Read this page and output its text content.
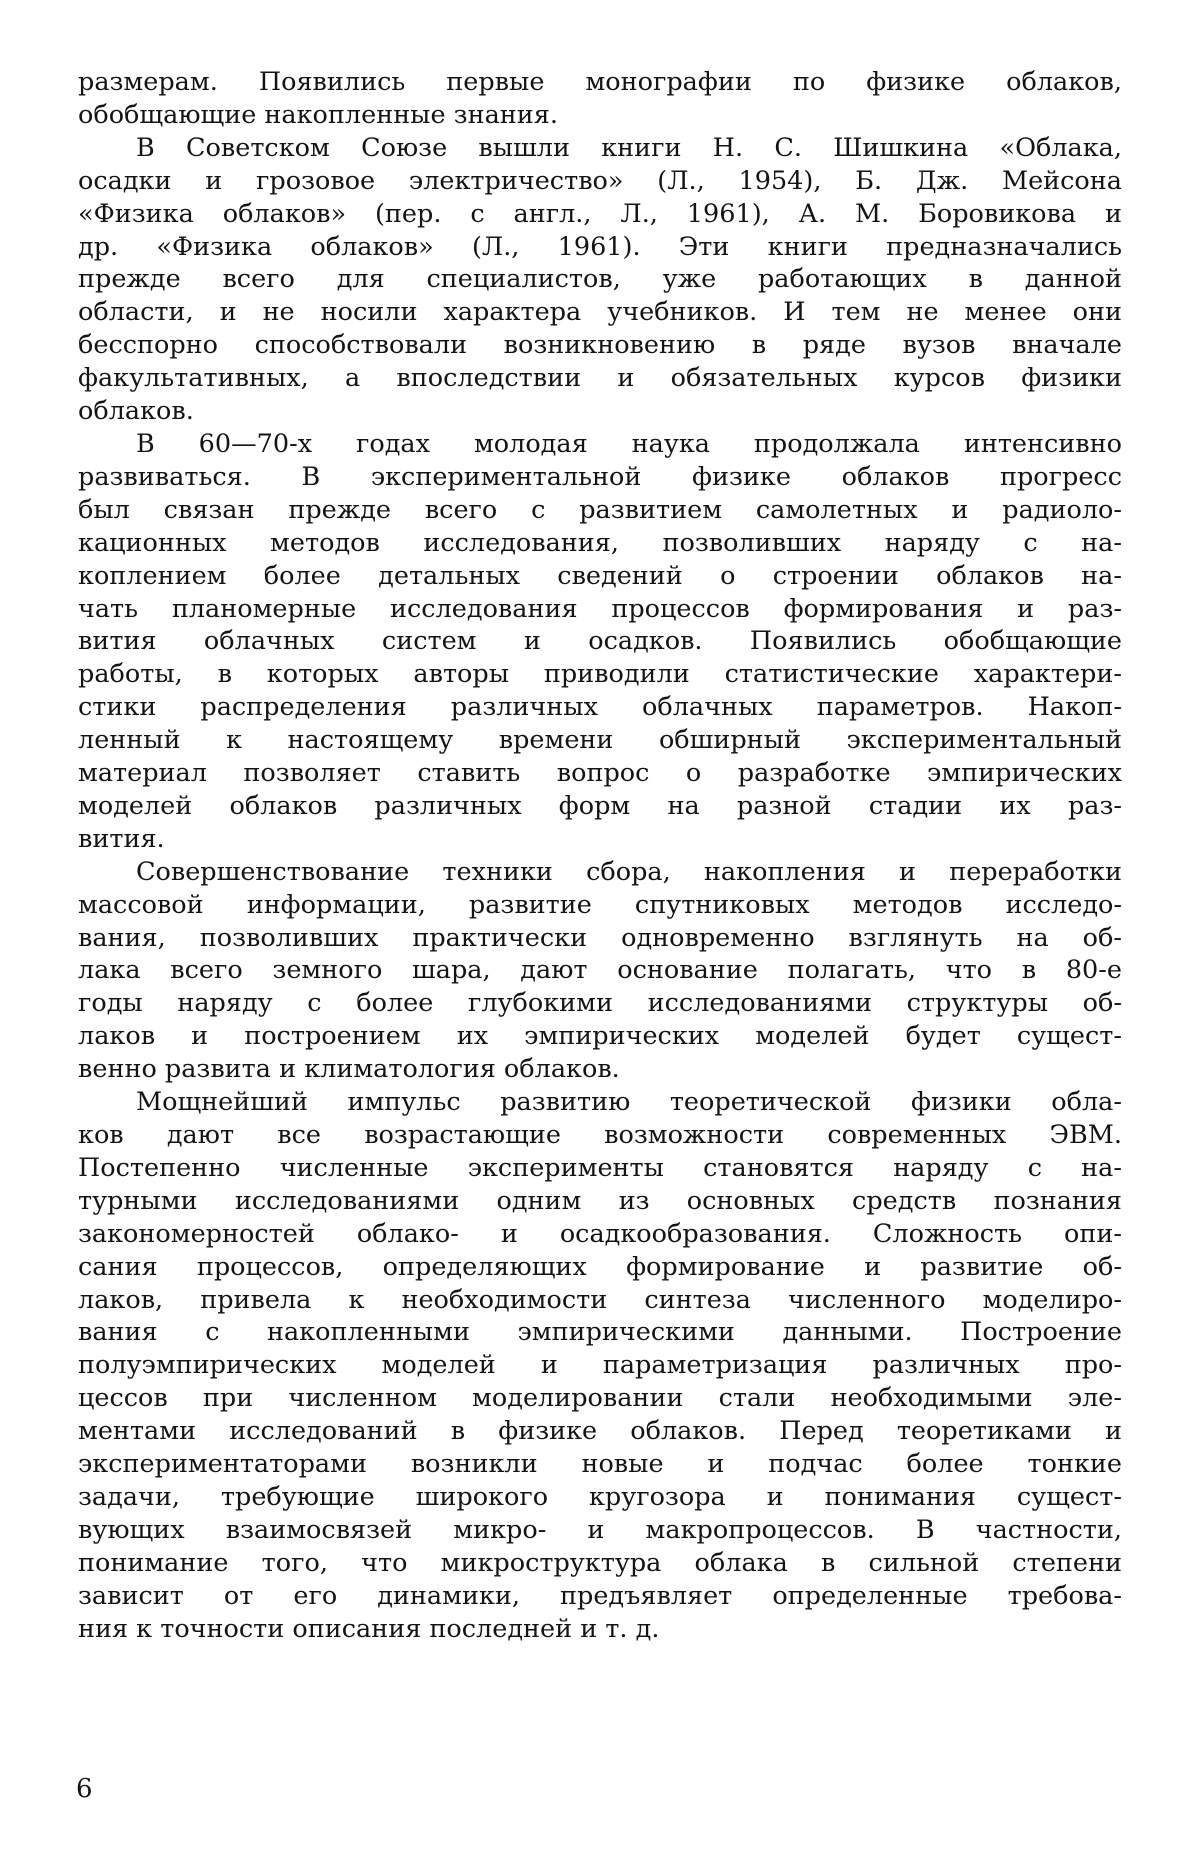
размерам. Появились первые монографии по физике облаков,
обобщающие накопленные знания.
В Советском Союзе вышли книги Н. С. Шишкина «Облака,
осадки и грозовое электричество» (Л., 1954), Б. Дж. Мейсона
«Физика облаков» (пер. с англ., Л., 1961), А. М. Боровикова и
др. «Физика облаков» (Л., 1961). Эти книги предназначались
прежде всего для специалистов, уже работающих в данной
области, и не носили характера учебников. И тем не менее они
бесспорно способствовали возникновению в ряде вузов вначале
факультативных, а впоследствии и обязательных курсов физики
облаков.
В 60—70-х годах молодая наука продолжала интенсивно
развиваться. В экспериментальной физике облаков прогресс
был связан прежде всего с развитием самолетных и радиоло-
кационных методов исследования, позволивших наряду с на-
коплением более детальных сведений о строении облаков на-
чать планомерные исследования процессов формирования и раз-
вития облачных систем и осадков. Появились обобщающие
работы, в которых авторы приводили статистические характери-
стики распределения различных облачных параметров. Накоп-
ленный к настоящему времени обширный экспериментальный
материал позволяет ставить вопрос о разработке эмпирических
моделей облаков различных форм на разной стадии их раз-
вития.
Совершенствование техники сбора, накопления и переработки
массовой информации, развитие спутниковых методов исследо-
вания, позволивших практически одновременно взглянуть на об-
лака всего земного шара, дают основание полагать, что в 80-е
годы наряду с более глубокими исследованиями структуры об-
лаков и построением их эмпирических моделей будет сущест-
венно развита и климатология облаков.
Мощнейший импульс развитию теоретической физики обла-
ков дают все возрастающие возможности современных ЭВМ.
Постепенно численные эксперименты становятся наряду с на-
турными исследованиями одним из основных средств познания
закономерностей облако- и осадкообразования. Сложность опи-
сания процессов, определяющих формирование и развитие об-
лаков, привела к необходимости синтеза численного моделиро-
вания с накопленными эмпирическими данными. Построение
полуэмпирических моделей и параметризация различных про-
цессов при численном моделировании стали необходимыми эле-
ментами исследований в физике облаков. Перед теоретиками и
экспериментаторами возникли новые и подчас более тонкие
задачи, требующие широкого кругозора и понимания сущест-
вующих взаимосвязей микро- и макропроцессов. В частности,
понимание того, что микроструктура облака в сильной степени
зависит от его динамики, предъявляет определенные требова-
ния к точности описания последней и т. д.
6
